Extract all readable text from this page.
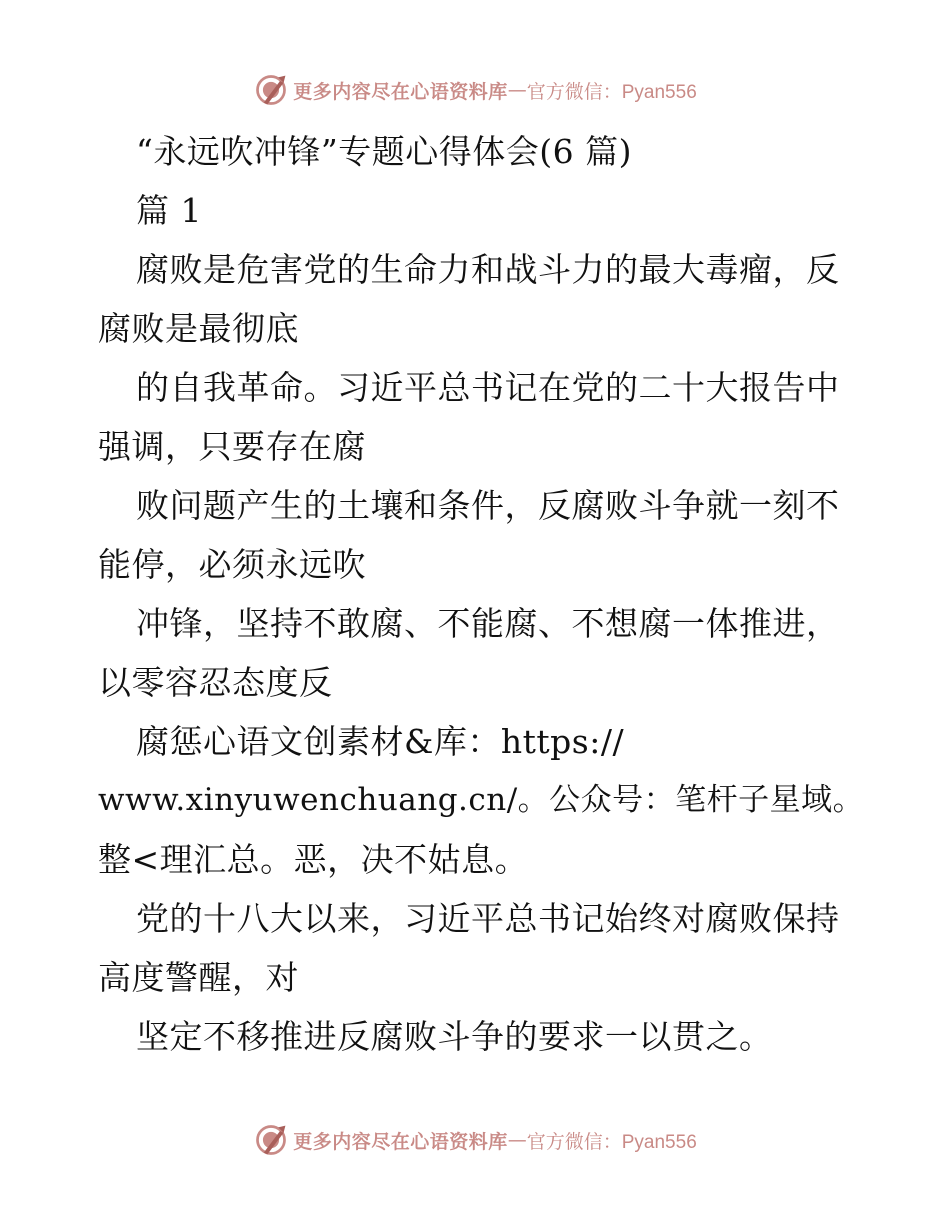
更多内容尽在心语资料库 — 官方微信：Pyan556
“永远吹冲锋”专题心得体会(6 篇)
篇 1
腐败是危害党的生命力和战斗力的最大毒瘤，反
腐败是最彻底
的自我革命。习近平总书记在党的二十大报告中
强调，只要存在腐
败问题产生的土壤和条件，反腐败斗争就一刻不
能停，必须永远吹
冲锋，坚持不敢腐、不能腐、不想腐一体推进，
以零容忍态度反
腐惩心语文创素材&库：https://
www.xinyuwenchuang.cn/。公众号：笔杆子星域。
整<理汇总。恶，决不姑息。
党的十八大以来，习近平总书记始终对腐败保持
高度警醒，对
坚定不移推进反腐败斗争的要求一以贯之。
更多内容尽在心语资料库 — 官方微信：Pyan556
